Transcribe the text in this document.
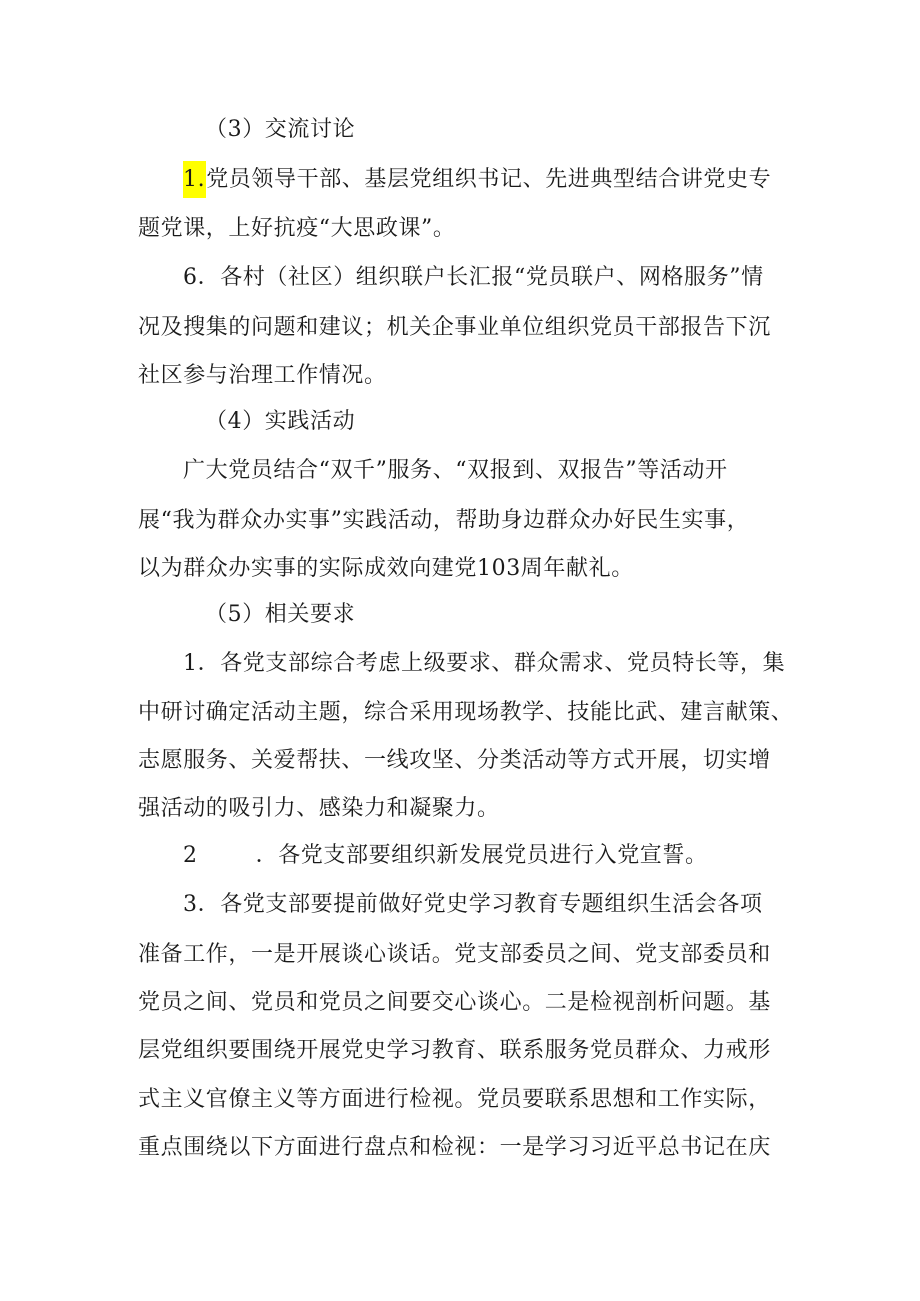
（3）交流讨论
1.党员领导干部、基层党组织书记、先进典型结合讲党史专
题党课，上好抗疫“大思政课”。
6．各村（社区）组织联户长汇报“党员联户、网格服务”情
况及搜集的问题和建议；机关企事业单位组织党员干部报告下沉
社区参与治理工作情况。
（4）实践活动
广大党员结合“双千”服务、“双报到、双报告”等活动开
展“我为群众办实事”实践活动，帮助身边群众办好民生实事，
以为群众办实事的实际成效向建党103周年献礼。
（5）相关要求
1．各党支部综合考虑上级要求、群众需求、党员特长等，集
中研讨确定活动主题，综合采用现场教学、技能比武、建言献策、
志愿服务、关爱帮扶、一线攻坚、分类活动等方式开展，切实增
强活动的吸引力、感染力和凝聚力。
2	．各党支部要组织新发展党员进行入党宣誓。
3．各党支部要提前做好党史学习教育专题组织生活会各项
准备工作，一是开展谈心谈话。党支部委员之间、党支部委员和
党员之间、党员和党员之间要交心谈心。二是检视剖析问题。基
层党组织要围绕开展党史学习教育、联系服务党员群众、力戒形
式主义官僚主义等方面进行检视。党员要联系思想和工作实际，
重点围绕以下方面进行盘点和检视：一是学习习近平总书记在庆
